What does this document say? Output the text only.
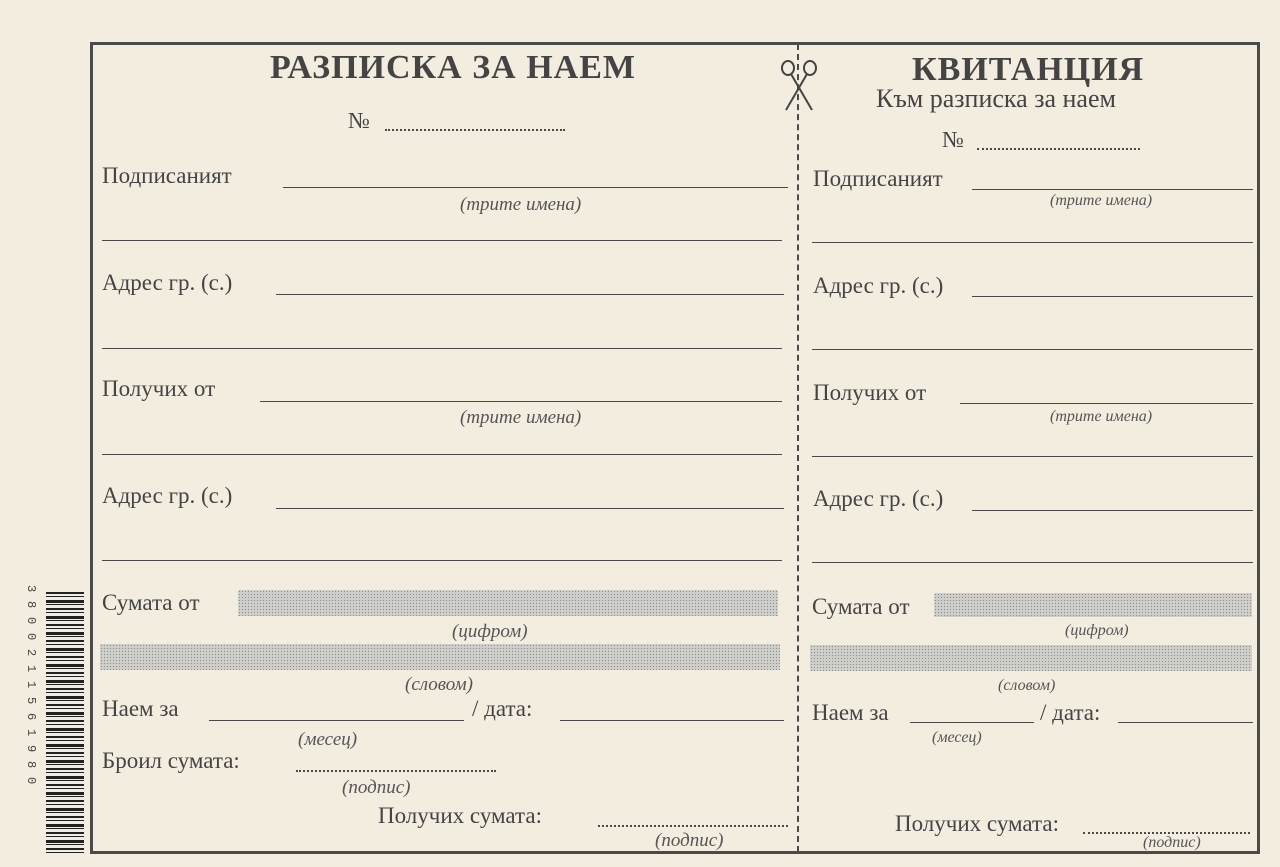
РАЗПИСКА ЗА НАЕМ
№
Подписаният
(трите имена)
Адрес гр. (с.)
Получих от
(трите имена)
Адрес гр. (с.)
Сумата от
(цифром)
(словом)
Наем за	/ дата:
(месец)
Броил сумата:
(подпис)
Получих сумата:
(подпис)
КВИТАНЦИЯ
Към разписка за наем
№
Подписаният
(трите имена)
Адрес гр. (с.)
Получих от
(трите имена)
Адрес гр. (с.)
Сумата от
(цифром)
(словом)
Наем за	/ дата:
(месец)
Получих сумата:
(подпис)
3800211561980
